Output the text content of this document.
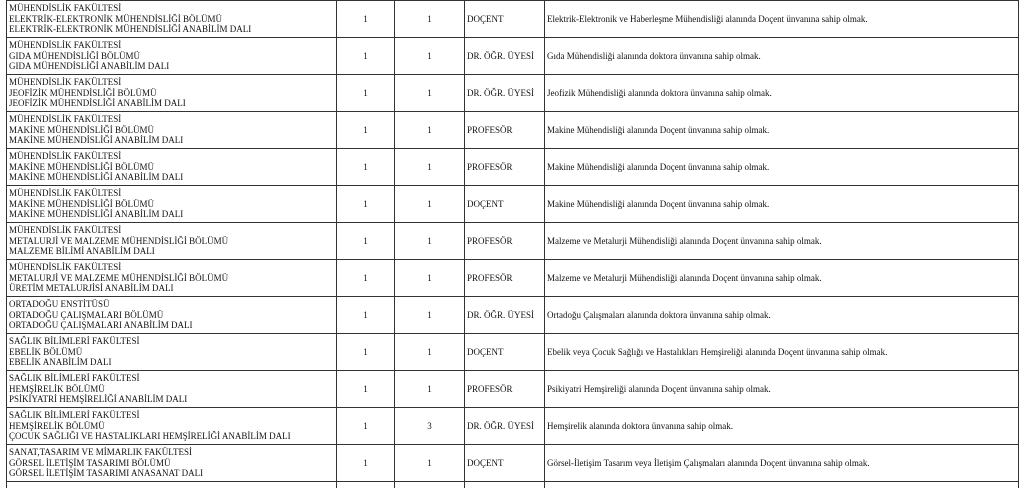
MÜHENDİSLİK FAKÜLTESİ
ELEKTRİK-ELEKTRONİK MÜHENDİSLİĞİ BÖLÜMÜ
ELEKTRİK-ELEKTRONİK MÜHENDİSLİĞİ ANABİLİM DALI	1	1	DOÇENT	Elektrik-Elektronik ve Haberleşme Mühendisliği alanında Doçent ünvanına sahip olmak.

MÜHENDİSLİK FAKÜLTESİ
GIDA MÜHENDİSLİĞİ BÖLÜMÜ
GIDA MÜHENDİSLİĞİ ANABİLİM DALI	1	1	DR. ÖĞR. ÜYESİ	Gıda Mühendisliği alanında doktora ünvanına sahip olmak.

MÜHENDİSLİK FAKÜLTESİ
JEOFİZİK MÜHENDİSLİĞİ BÖLÜMÜ
JEOFİZİK MÜHENDİSLİĞİ ANABİLİM DALI	1	1	DR. ÖĞR. ÜYESİ	Jeofizik Mühendisliği alanında doktora ünvanına sahip olmak.

MÜHENDİSLİK FAKÜLTESİ
MAKİNE MÜHENDİSLİĞİ BÖLÜMÜ
MAKİNE MÜHENDİSLİĞİ ANABİLİM DALI	1	1	PROFESÖR	Makine Mühendisliği alanında Doçent ünvanına sahip olmak.

MÜHENDİSLİK FAKÜLTESİ
MAKİNE MÜHENDİSLİĞİ BÖLÜMÜ
MAKİNE MÜHENDİSLİĞİ ANABİLİM DALI	1	1	PROFESÖR	Makine Mühendisliği alanında Doçent ünvanına sahip olmak.

MÜHENDİSLİK FAKÜLTESİ
MAKİNE MÜHENDİSLİĞİ BÖLÜMÜ
MAKİNE MÜHENDİSLİĞİ ANABİLİM DALI	1	1	DOÇENT	Makine Mühendisliği alanında Doçent ünvanına sahip olmak.

MÜHENDİSLİK FAKÜLTESİ
METALURJİ VE MALZEME MÜHENDİSLİĞİ BÖLÜMÜ
MALZEME BİLİMİ ANABİLİM DALI	1	1	PROFESÖR	Malzeme ve Metalurji Mühendisliği alanında Doçent ünvanına sahip olmak.

MÜHENDİSLİK FAKÜLTESİ
METALURJİ VE MALZEME MÜHENDİSLİĞİ BÖLÜMÜ
ÜRETİM METALURJİSİ ANABİLİM DALI	1	1	PROFESÖR	Malzeme ve Metalurji Mühendisliği alanında Doçent ünvanına sahip olmak.

ORTADOĞU ENSTİTÜSÜ
ORTADOĞU ÇALIŞMALARI BÖLÜMÜ
ORTADOĞU ÇALIŞMALARI ANABİLİM DALI	1	1	DR. ÖĞR. ÜYESİ	Ortadoğu Çalışmaları alanında doktora ünvanına sahip olmak.

SAĞLIK BİLİMLERİ FAKÜLTESİ
EBELİK BÖLÜMÜ
EBELİK ANABİLİM DALI	1	1	DOÇENT	Ebelik veya Çocuk Sağlığı ve Hastalıkları Hemşireliği alanında Doçent ünvanına sahip olmak.

SAĞLIK BİLİMLERİ FAKÜLTESİ
HEMŞİRELİK BÖLÜMÜ
PSİKİYATRİ HEMŞİRELİĞİ ANABİLİM DALI	1	1	PROFESÖR	Psikiyatri Hemşireliği alanında Doçent ünvanına sahip olmak.

SAĞLIK BİLİMLERİ FAKÜLTESİ
HEMŞİRELİK BÖLÜMÜ
ÇOCUK SAĞLIĞI VE HASTALIKLARI HEMŞİRELİĞİ ANABİLİM DALI	1	3	DR. ÖĞR. ÜYESİ	Hemşirelik alanında doktora ünvanına sahip olmak.

SANAT,TASARIM VE MİMARLIK FAKÜLTESİ
GÖRSEL İLETİŞİM TASARIMI BÖLÜMÜ
GÖRSEL İLETİŞİM TASARIMI ANASANAT DALI	1	1	DOÇENT	Görsel-İletişim Tasarım veya İletişim Çalışmaları alanında Doçent ünvanına sahip olmak.
